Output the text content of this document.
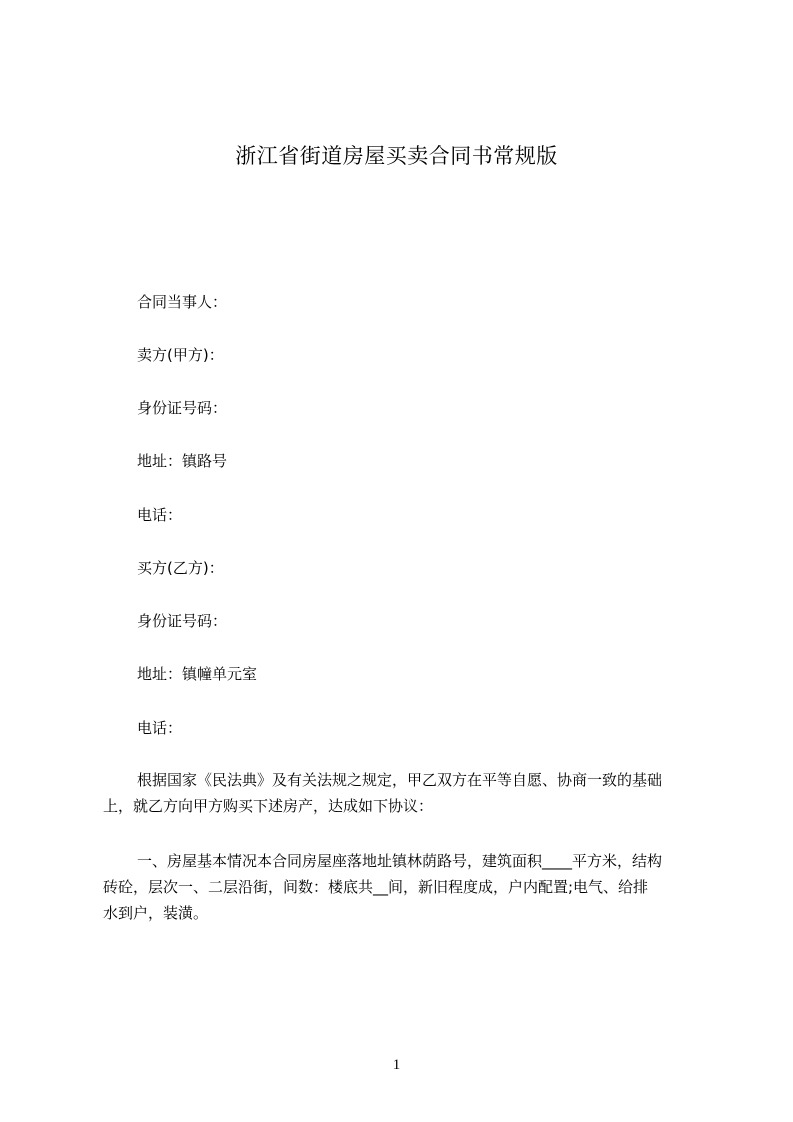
浙江省街道房屋买卖合同书常规版
合同当事人：
卖方(甲方)：
身份证号码：
地址：镇路号
电话：
买方(乙方)：
身份证号码：
地址：镇幢单元室
电话：
根据国家《民法典》及有关法规之规定，甲乙双方在平等自愿、协商一致的基础
上，就乙方向甲方购买下述房产，达成如下协议：
一、房屋基本情况本合同房屋座落地址镇林荫路号，建筑面积____平方米，结构
砖砼，层次一、二层沿街，间数：楼底共__间，新旧程度成，户内配置;电气、给排
水到户，装潢。
1
